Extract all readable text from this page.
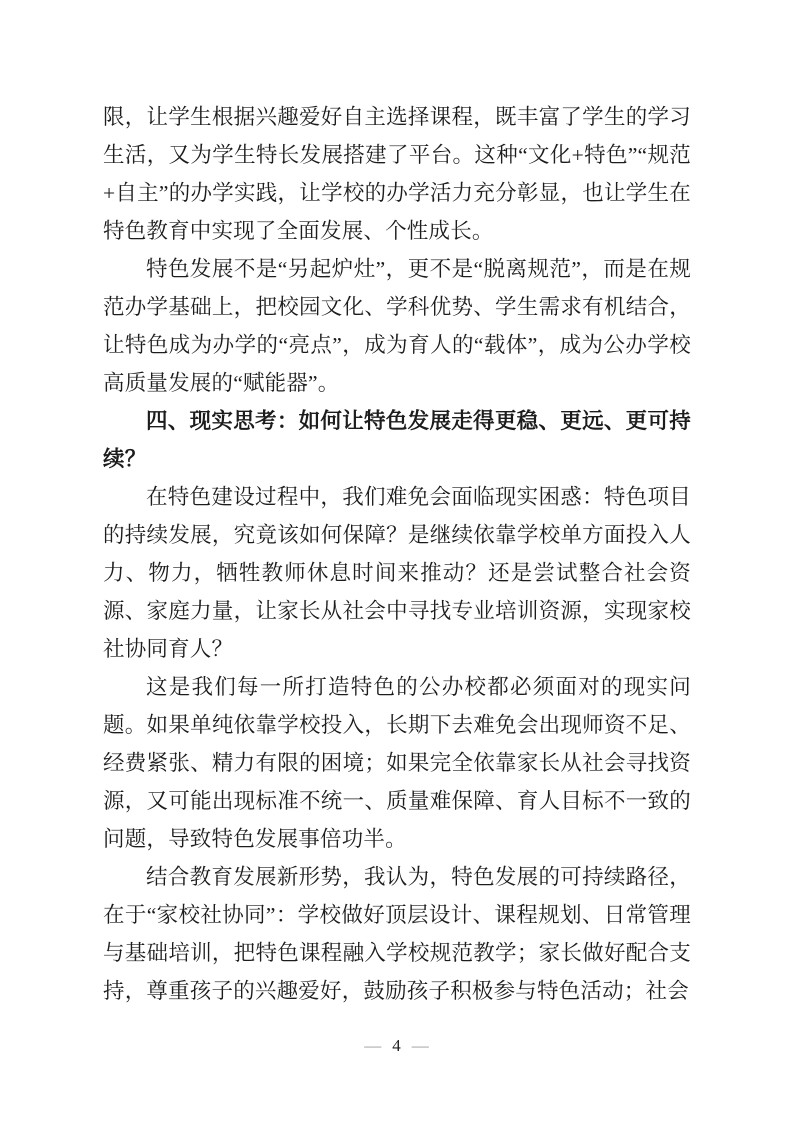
限，让学生根据兴趣爱好自主选择课程，既丰富了学生的学习生活，又为学生特长发展搭建了平台。这种“文化+特色”“规范+自主”的办学实践，让学校的办学活力充分彰显，也让学生在特色教育中实现了全面发展、个性成长。

特色发展不是“另起炉灶”，更不是“脱离规范”，而是在规范办学基础上，把校园文化、学科优势、学生需求有机结合，让特色成为办学的“亮点”，成为育人的“载体”，成为公办学校高质量发展的“赋能器”。

四、现实思考：如何让特色发展走得更稳、更远、更可持续？

在特色建设过程中，我们难免会面临现实困惑：特色项目的持续发展，究竟该如何保障？是继续依靠学校单方面投入人力、物力，牺牲教师休息时间来推动？还是尝试整合社会资源、家庭力量，让家长从社会中寻找专业培训资源，实现家校社协同育人？

这是我们每一所打造特色的公办校都必须面对的现实问题。如果单纯依靠学校投入，长期下去难免会出现师资不足、经费紧张、精力有限的困境；如果完全依靠家长从社会寻找资源，又可能出现标准不统一、质量难保障、育人目标不一致的问题，导致特色发展事倍功半。

结合教育发展新形势，我认为，特色发展的可持续路径，在于“家校社协同”：学校做好顶层设计、课程规划、日常管理与基础培训，把特色课程融入学校规范教学；家长做好配合支持，尊重孩子的兴趣爱好，鼓励孩子积极参与特色活动；社会

— 4 —
